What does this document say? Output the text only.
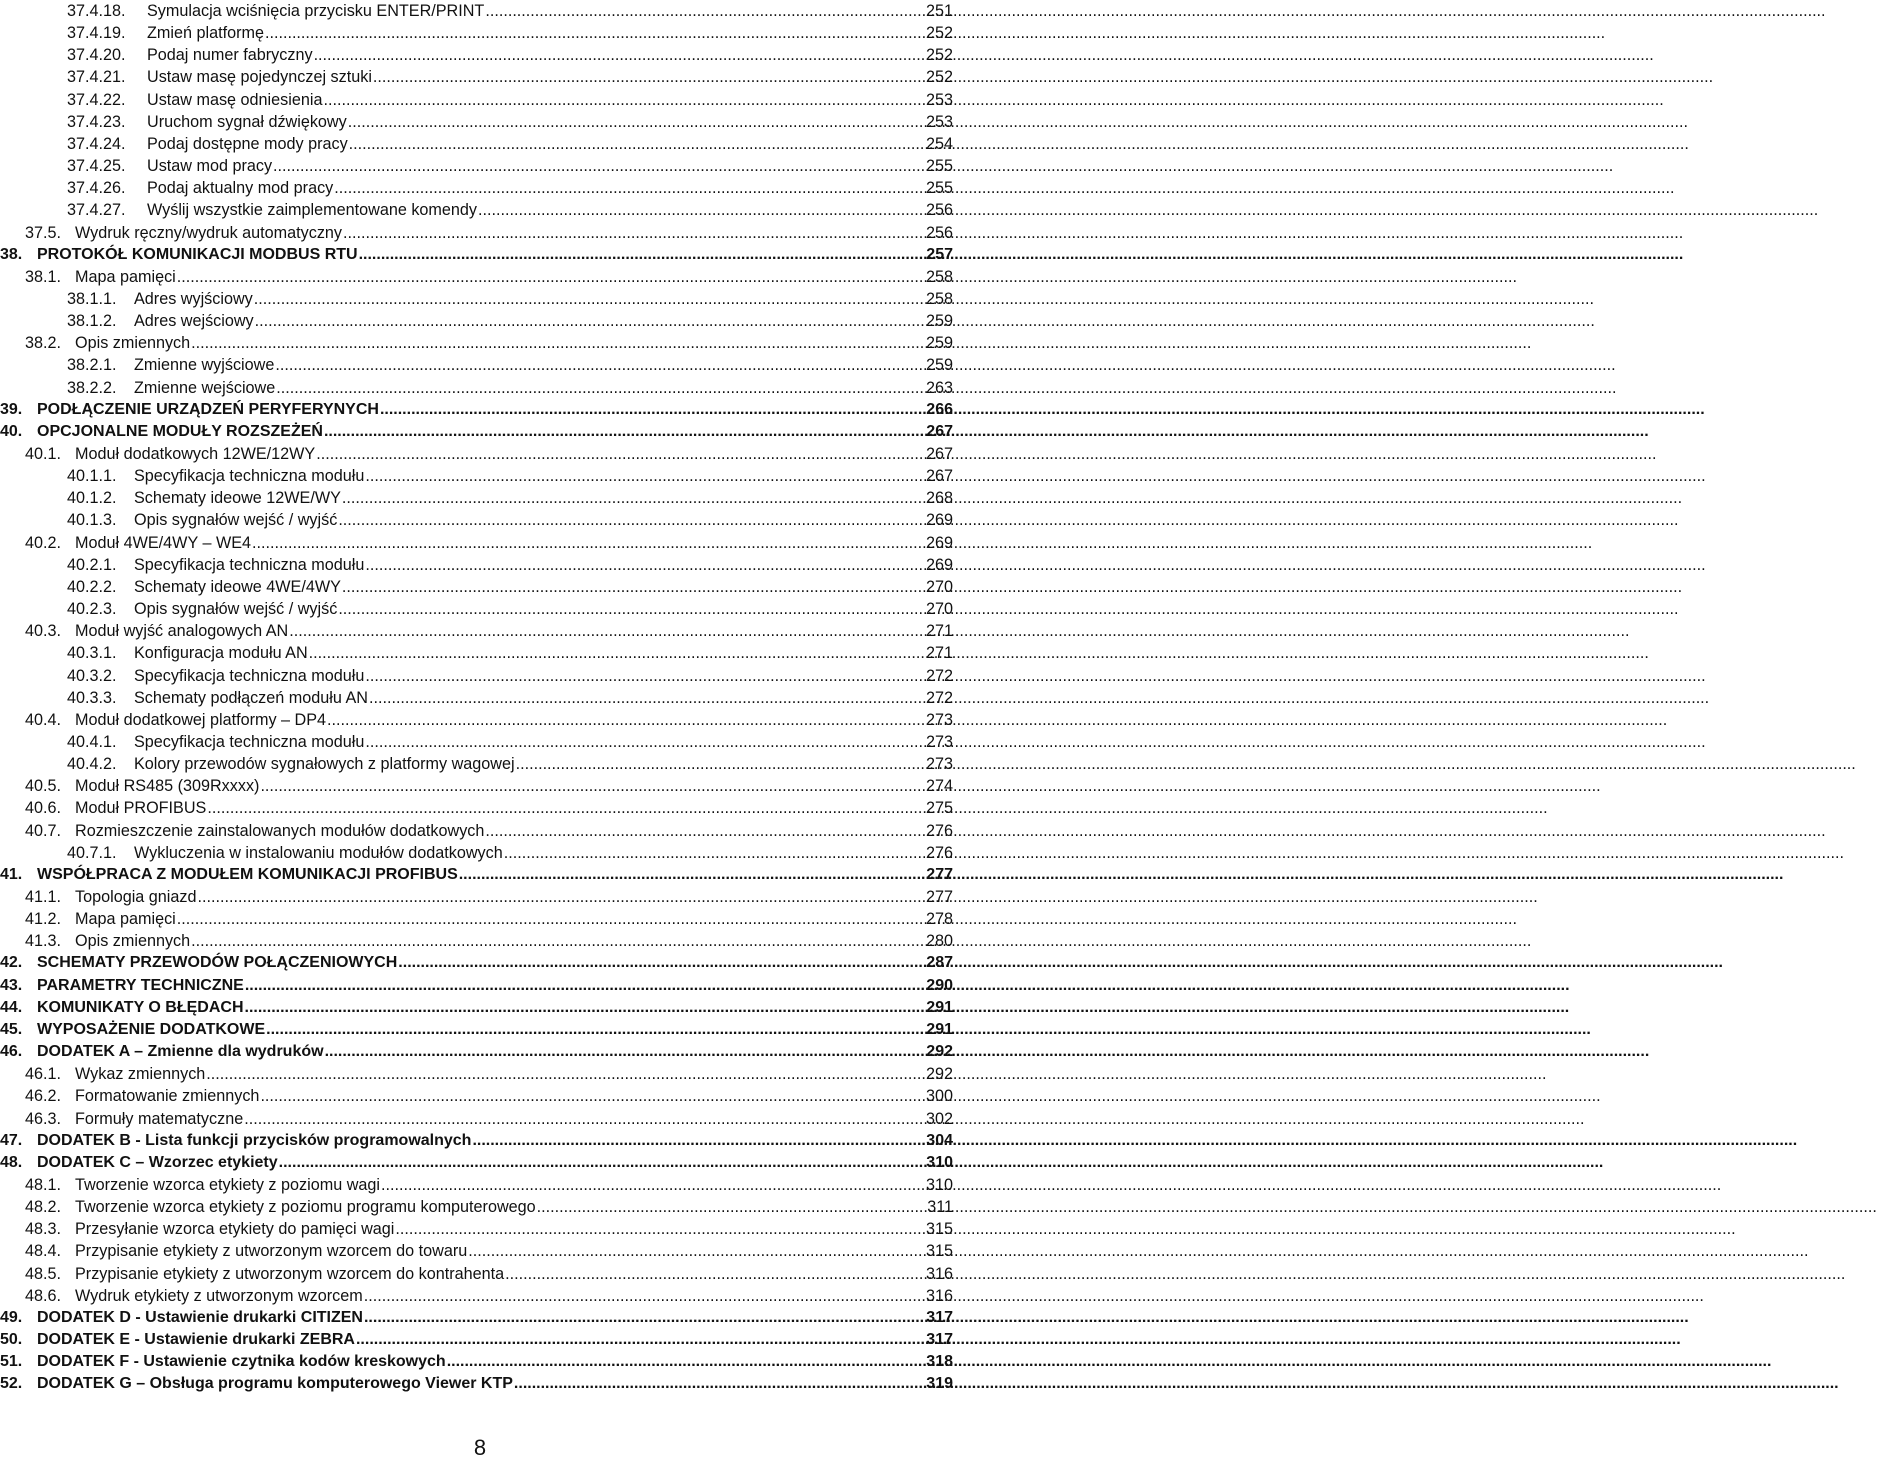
37.4.18.	Symulacja wciśnięcia przycisku ENTER/PRINT .....	251
37.4.19.	Zmień platformę .....	252
37.4.20.	Podaj numer fabryczny .....	252
37.4.21.	Ustaw masę pojedynczej sztuki .....	252
37.4.22.	Ustaw masę odniesienia .....	253
37.4.23.	Uruchom sygnał dźwiękowy .....	253
37.4.24.	Podaj dostępne mody pracy .....	254
37.4.25.	Ustaw mod pracy .....	255
37.4.26.	Podaj aktualny mod pracy .....	255
37.4.27.	Wyślij wszystkie zaimplementowane komendy .....	256
37.5. Wydruk ręczny/wydruk automatyczny .....	256
38. PROTOKÓŁ KOMUNIKACJI MODBUS RTU .....	257
38.1. Mapa pamięci .....	258
38.1.1.	Adres wyjściowy .....	258
38.1.2.	Adres wejściowy .....	259
38.2. Opis zmiennych .....	259
38.2.1.	Zmienne wyjściowe .....	259
38.2.2.	Zmienne wejściowe .....	263
39. PODŁĄCZENIE URZĄDZEŃ PERYFERYNYCH .....	266
40. OPCJONALNE MODUŁY ROZSZEŻEŃ .....	267
40.1. Moduł dodatkowych 12WE/12WY .....	267
40.1.1.	Specyfikacja techniczna modułu .....	267
40.1.2.	Schematy ideowe 12WE/WY .....	268
40.1.3.	Opis sygnałów wejść / wyjść .....	269
40.2. Moduł 4WE/4WY – WE4 .....	269
40.2.1.	Specyfikacja techniczna modułu .....	269
40.2.2.	Schematy ideowe 4WE/4WY .....	270
40.2.3.	Opis sygnałów wejść / wyjść .....	270
40.3. Moduł wyjść analogowych AN .....	271
40.3.1.	Konfiguracja modułu AN .....	271
40.3.2.	Specyfikacja techniczna modułu .....	272
40.3.3.	Schematy podłączeń modułu AN .....	272
40.4. Moduł dodatkowej platformy – DP4 .....	273
40.4.1.	Specyfikacja techniczna modułu .....	273
40.4.2.	Kolory przewodów sygnałowych z platformy wagowej .....	273
40.5. Moduł RS485 (309Rxxxx) .....	274
40.6. Moduł PROFIBUS .....	275
40.7. Rozmieszczenie zainstalowanych modułów dodatkowych .....	276
40.7.1.	Wykluczenia w instalowaniu modułów dodatkowych .....	276
41. WSPÓŁPRACA Z MODUŁEM KOMUNIKACJI PROFIBUS .....	277
41.1. Topologia gniazd .....	277
41.2. Mapa pamięci .....	278
41.3. Opis zmiennych .....	280
42. SCHEMATY PRZEWODÓW POŁĄCZENIOWYCH .....	287
43. PARAMETRY TECHNICZNE .....	290
44. KOMUNIKATY O BŁĘDACH .....	291
45. WYPOSAŻENIE DODATKOWE .....	291
46. DODATEK A – Zmienne dla wydruków .....	292
46.1. Wykaz zmiennych .....	292
46.2. Formatowanie zmiennych .....	300
46.3. Formuły matematyczne .....	302
47. DODATEK B - Lista funkcji przycisków programowalnych .....	304
48. DODATEK C – Wzorzec etykiety .....	310
48.1. Tworzenie wzorca etykiety z poziomu wagi .....	310
48.2. Tworzenie wzorca etykiety z poziomu programu komputerowego .....	311
48.3. Przesyłanie wzorca etykiety do pamięci wagi .....	315
48.4. Przypisanie etykiety z utworzonym wzorcem do towaru .....	315
48.5. Przypisanie etykiety z utworzonym wzorcem do kontrahenta .....	316
48.6. Wydruk etykiety z utworzonym wzorcem .....	316
49. DODATEK D - Ustawienie drukarki CITIZEN .....	317
50. DODATEK E - Ustawienie drukarki ZEBRA .....	317
51. DODATEK F - Ustawienie czytnika kodów kreskowych .....	318
52. DODATEK G – Obsługa programu komputerowego Viewer KTP .....	319
8
